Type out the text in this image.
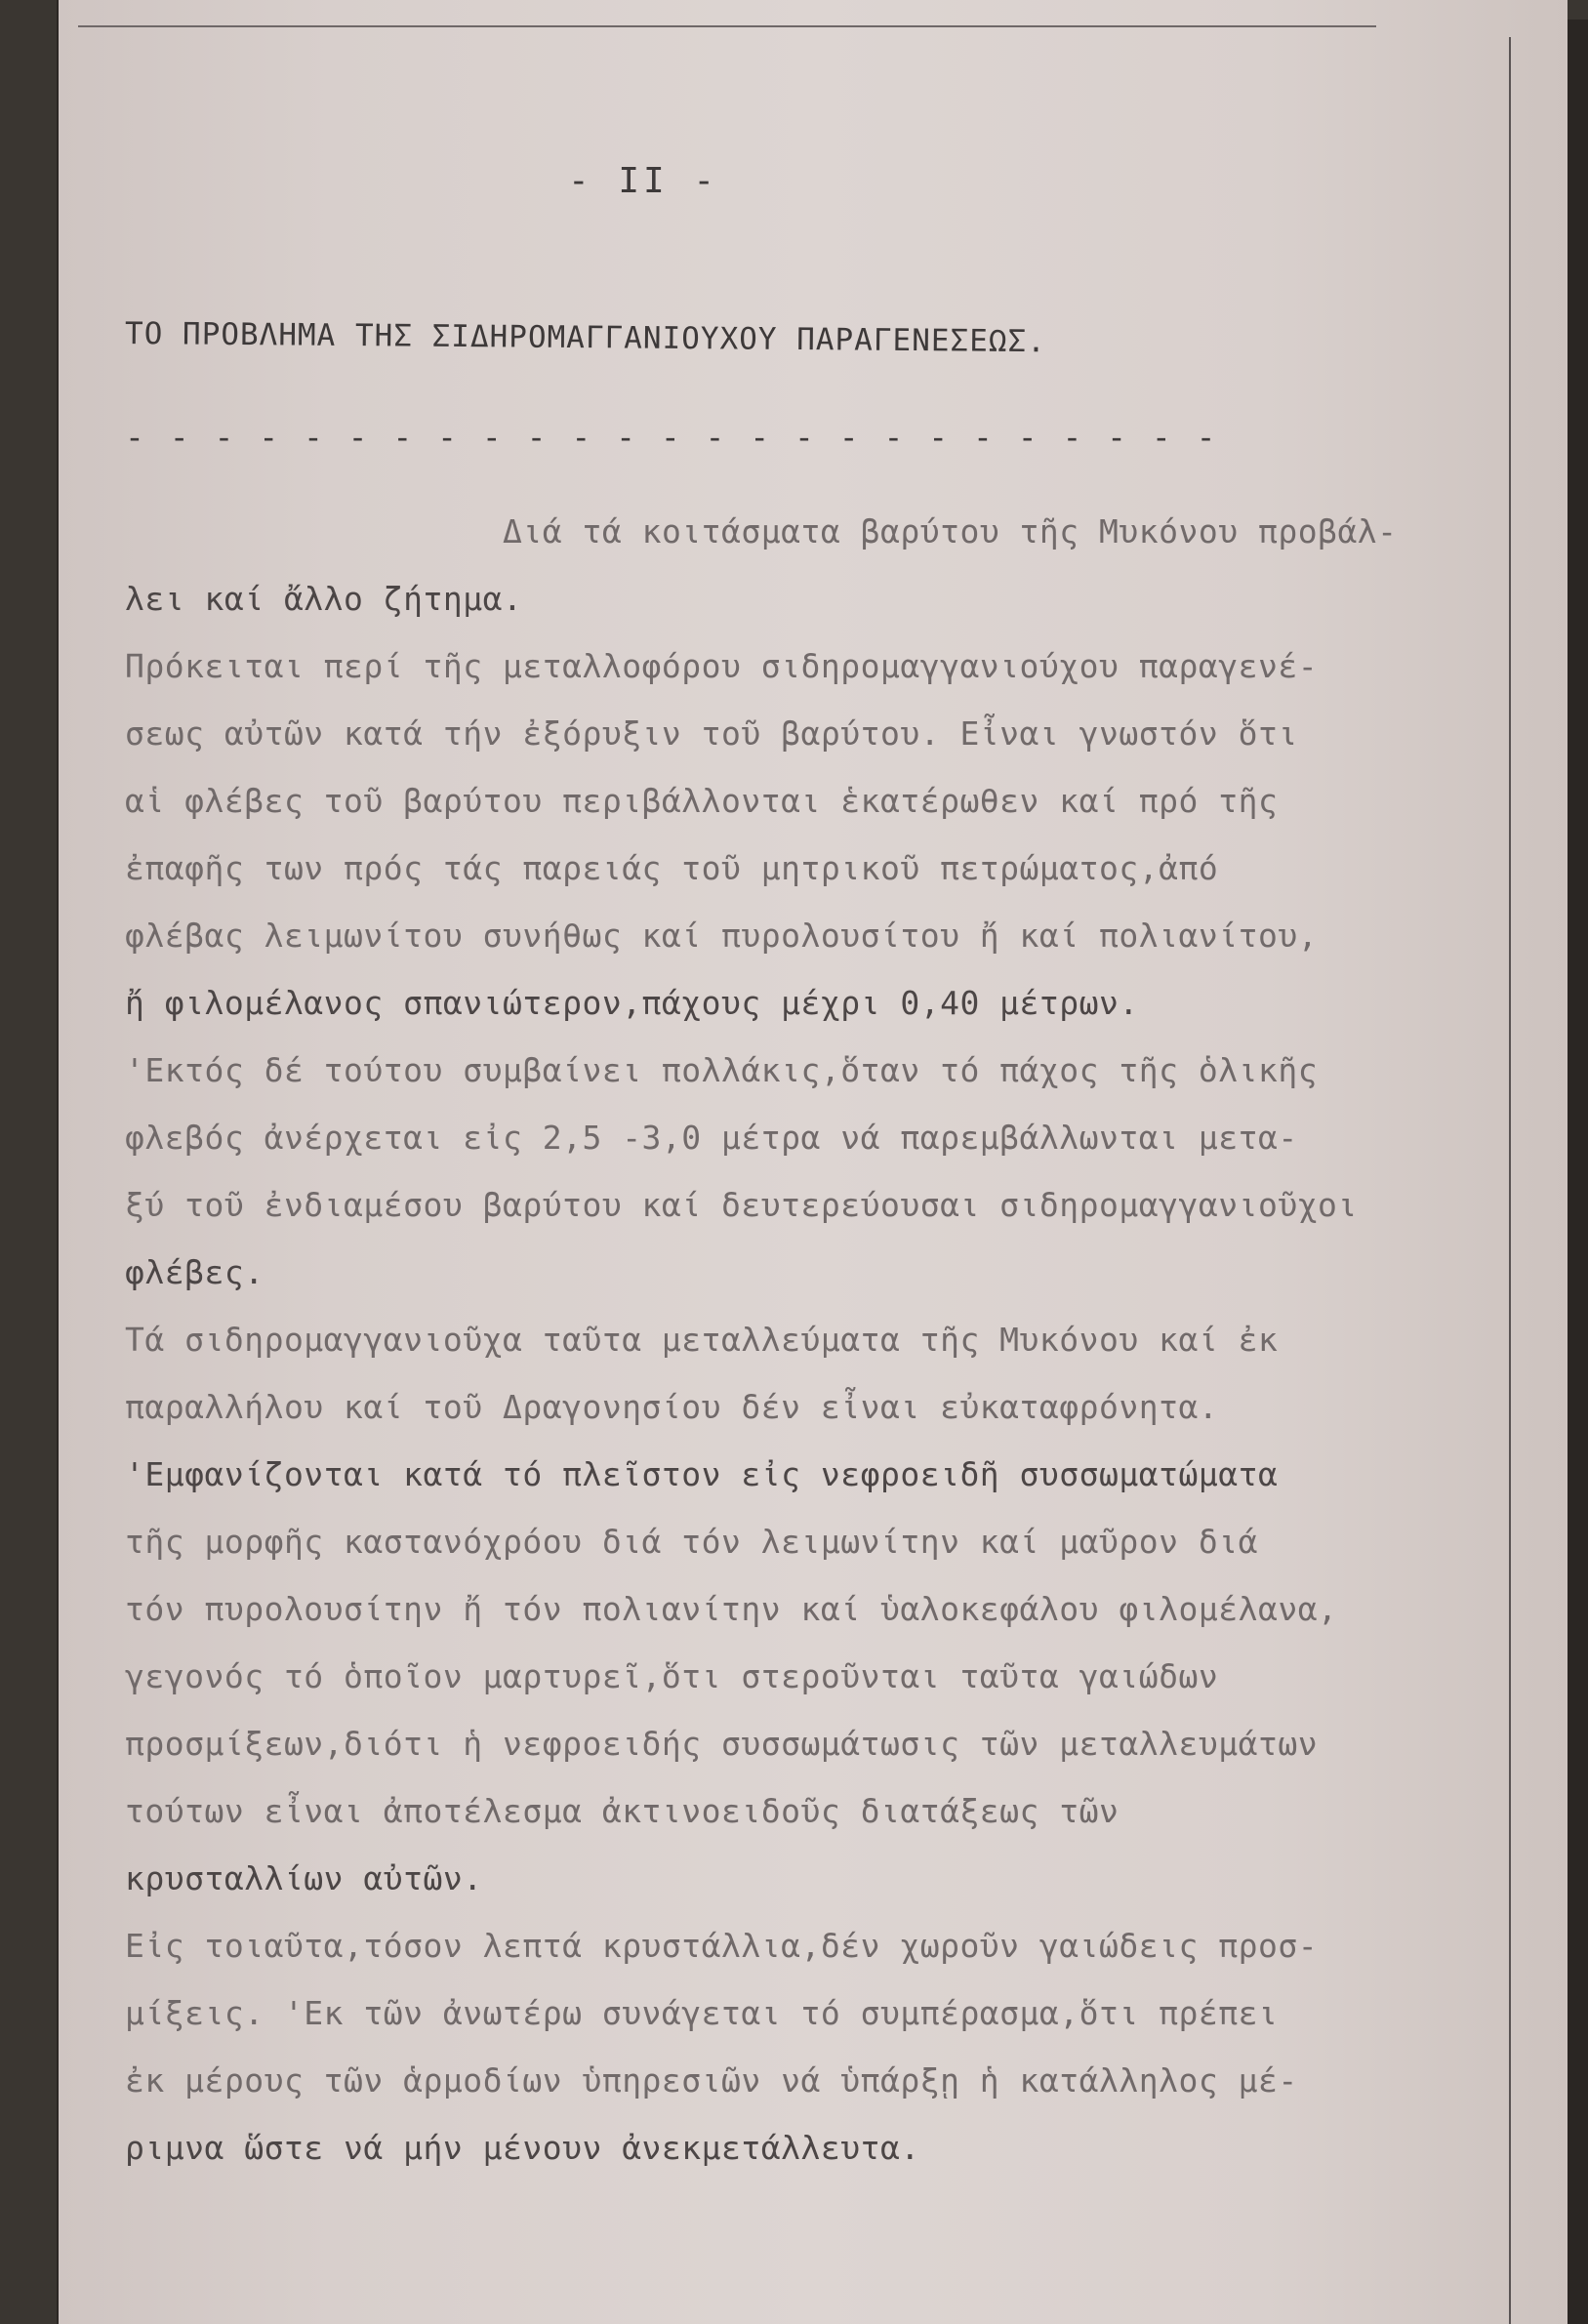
- II -
ΤΟ ΠΡΟΒΛΗΜΑ ΤΗΣ ΣΙΔΗΡΟΜΑΓΓΑΝΙΟΥΧΟΥ ΠΑΡΑΓΕΝΕΣΕΩΣ.
- - - - - - - - - - - - - - - - - - - - - - - - -
Διά τά κοιτάσματα βαρύτου τῆς Μυκόνου προβάλ-
λει καί ἄλλο ζήτημα.
Πρόκειται περί τῆς μεταλλοφόρου σιδηρομαγγανιούχου παραγενέ-
σεως αὐτῶν κατά τήν ἐξόρυξιν τοῦ βαρύτου. Εἶναι γνωστόν ὅτι
αἱ φλέβες τοῦ βαρύτου περιβάλλονται ἑκατέρωθεν καί πρό τῆς
ἐπαφῆς των πρός τάς παρειάς τοῦ μητρικοῦ πετρώματος,ἀπό
φλέβας λειμωνίτου συνήθως καί πυρολουσίτου ἤ καί πολιανίτου,
ἤ φιλομέλανος σπανιώτερον,πάχους μέχρι 0,40 μέτρων.
'Εκτός δέ τούτου συμβαίνει πολλάκις,ὅταν τό πάχος τῆς ὁλικῆς
φλεβός ἀνέρχεται εἰς 2,5 -3,0 μέτρα νά παρεμβάλλωνται μετα-
ξύ τοῦ ἐνδιαμέσου βαρύτου καί δευτερεύουσαι σιδηρομαγγανιοῦχοι
φλέβες.
Τά σιδηρομαγγανιοῦχα ταῦτα μεταλλεύματα τῆς Μυκόνου καί ἐκ
παραλλήλου καί τοῦ Δραγονησίου δέν εἶναι εὐκαταφρόνητα.
'Εμφανίζονται κατά τό πλεῖστον εἰς νεφροειδῆ συσσωματώματα
τῆς μορφῆς καστανόχρόου διά τόν λειμωνίτην καί μαῦρον διά
τόν πυρολουσίτην ἤ τόν πολιανίτην καί ὑαλοκεφάλου φιλομέλανα,
γεγονός τό ὁποῖον μαρτυρεῖ,ὅτι στεροῦνται ταῦτα γαιώδων
προσμίξεων,διότι ἡ νεφροειδής συσσωμάτωσις τῶν μεταλλευμάτων
τούτων εἶναι ἀποτέλεσμα ἀκτινοειδοῦς διατάξεως τῶν
κρυσταλλίων αὐτῶν.
Εἰς τοιαῦτα,τόσον λεπτά κρυστάλλια,δέν χωροῦν γαιώδεις προσ-
μίξεις. 'Εκ τῶν ἀνωτέρω συνάγεται τό συμπέρασμα,ὅτι πρέπει
ἐκ μέρους τῶν ἁρμοδίων ὑπηρεσιῶν νά ὑπάρξῃ ἡ κατάλληλος μέ-
ριμνα ὥστε νά μήν μένουν ἀνεκμετάλλευτα.
